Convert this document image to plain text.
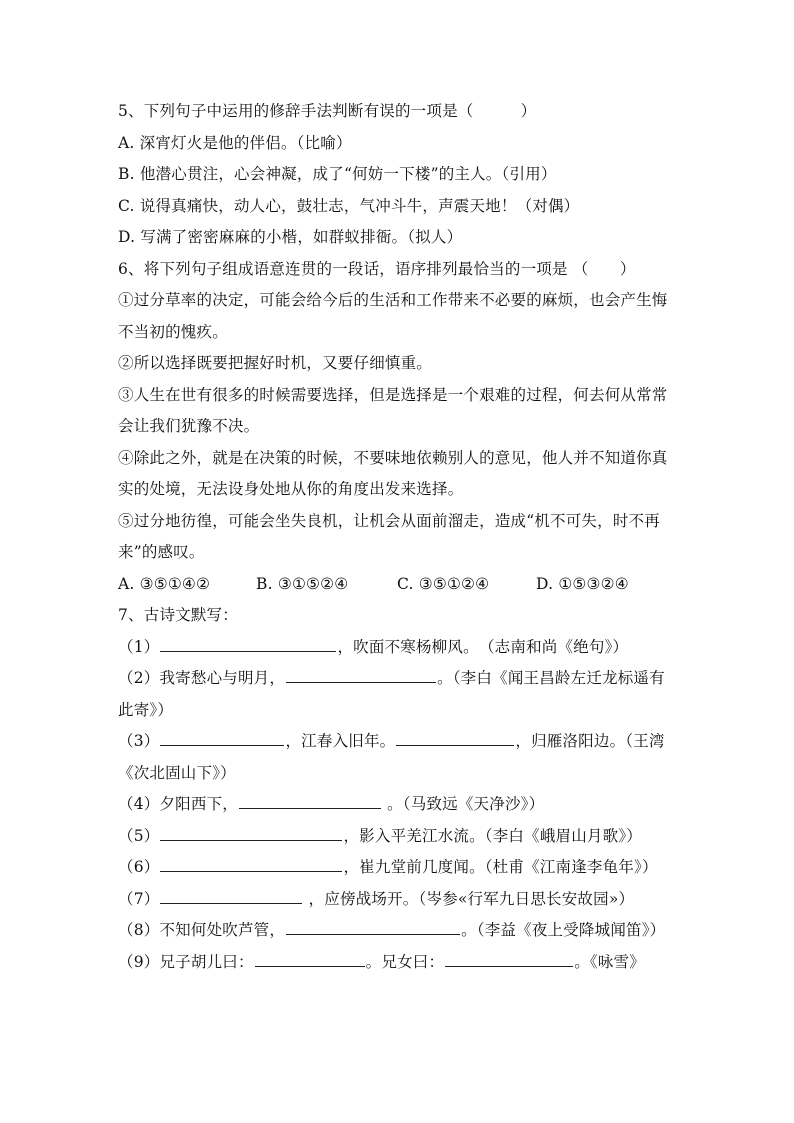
5、下列句子中运用的修辞手法判断有误的一项是（　　　）
A. 深宵灯火是他的伴侣。（比喻）
B. 他潜心贯注，心会神凝，成了“何妨一下楼”的主人。（引用）
C. 说得真痛快，动人心，鼓壮志，气冲斗牛，声震天地！（对偶）
D. 写满了密密麻麻的小楷，如群蚁排衙。（拟人）
6、将下列句子组成语意连贯的一段话，语序排列最恰当的一项是 （　　）
①过分草率的决定，可能会给今后的生活和工作带来不必要的麻烦，也会产生悔
不当初的愧疚。
②所以选择既要把握好时机，又要仔细慎重。
③人生在世有很多的时候需要选择，但是选择是一个艰难的过程，何去何从常常
会让我们犹豫不决。
④除此之外，就是在决策的时候，不要味地依赖别人的意见，他人并不知道你真
实的处境，无法设身处地从你的角度出发来选择。
⑤过分地彷徨，可能会坐失良机，让机会从面前溜走，造成“机不可失，时不再
来”的感叹。
A. ③⑤①④②	B. ③①⑤②④	C. ③⑤①②④	D. ①⑤③②④
7、古诗文默写：
（1）	，吹面不寒杨柳风。　（志南和尚《绝句》）
（2）我寄愁心与明月，	。（李白《闻王昌龄左迁龙标遥有
此寄》）
（3）	，江春入旧年。	，归雁洛阳边。（王湾
《次北固山下》）
（4）夕阳西下，	。（马致远《天净沙》）
（5）	，影入平羌江水流。（李白《峨眉山月歌》）
（6）	，崔九堂前几度闻。（杜甫《江南逢李龟年》）
（7）	，应傍战场开。（岑参«行军九日思长安故园»）
（8）不知何处吹芦管，	。（李益《夜上受降城闻笛》）
（9）兄子胡儿曰：	。兄女曰：	。《咏雪》
